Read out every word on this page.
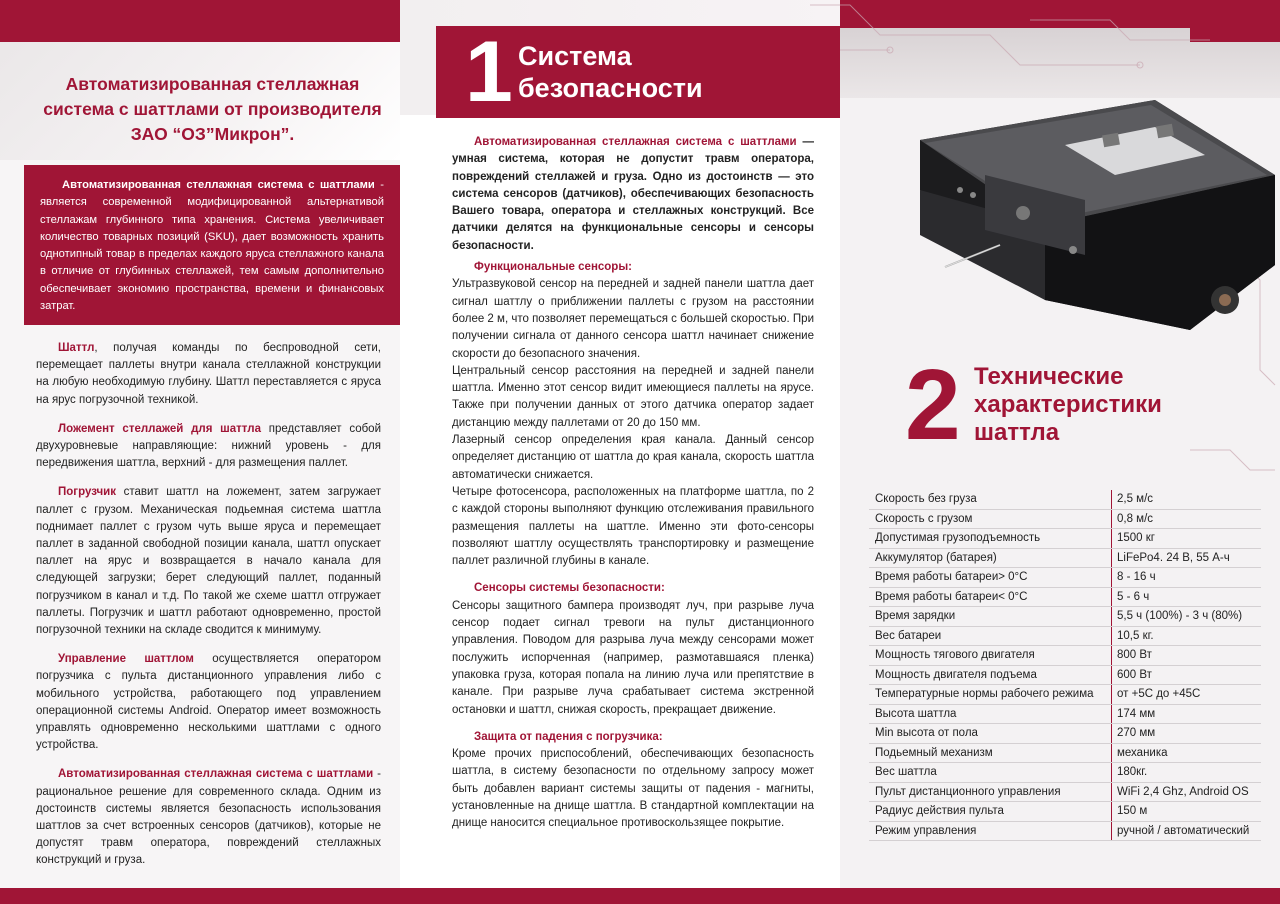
Автоматизированная стеллажная
система с шаттлами от производителя
ЗАО “ОЗ”Микрон”.
Автоматизированная стеллажная система с шаттлами - является современной модифицированной альтернативой стеллажам глубинного типа хранения. Система увеличивает количество товарных позиций (SKU), дает возможность хранить однотипный товар в пределах каждого яруса стеллажного канала в отличие от глубинных стеллажей, тем самым дополнительно обеспечивает экономию пространства, времени и финансовых затрат.

Шаттл, получая команды по беспроводной сети, перемещает паллеты внутри канала стеллажной конструкции на любую необходимую глубину. Шаттл переставляется с яруса на ярус погрузочной техникой.

Ложемент стеллажей для шаттла представляет собой двухуровневые направляющие: нижний уровень - для передвижения шаттла, верхний - для размещения паллет.

Погрузчик ставит шаттл на ложемент, затем загружает паллет с грузом. Механическая подьемная система шаттла поднимает паллет с грузом чуть выше яруса и перемещает паллет в заданной свободной позиции канала, шаттл опускает паллет на ярус и возвращается в начало канала для следующей загрузки; берет следующий паллет, поданный погрузчиком в канал и т.д. По такой же схеме шаттл отгружает паллеты. Погрузчик и шаттл работают одновременно, простой погрузочной техники на складе сводится к минимуму.

Управление шаттлом осуществляется оператором погрузчика с пульта дистанционного управления либо с мобильного устройства, работающего под управлением операционной системы Android. Оператор имеет возможность управлять одновременно несколькими шаттлами с одного устройства.

Автоматизированная стеллажная система с шаттлами - рациональное решение для современного склада. Одним из достоинств системы является безопасность использования шаттлов за счет встроенных сенсоров (датчиков), которые не допустят травм оператора, повреждений стеллажных конструкций и груза.

1 Система
безопасности

Автоматизированная стеллажная система с шаттлами — умная система, которая не допустит травм оператора, повреждений стеллажей и груза. Одно из достоинств — это система сенсоров (датчиков), обеспечивающих безопасность Вашего товара, оператора и стеллажных конструкций. Все датчики делятся на функциональные сенсоры и сенсоры безопасности.

Функциональные сенсоры:

Ультразвуковой сенсор на передней и задней панели шаттла дает сигнал шаттлу о приближении паллеты с грузом на расстоянии более 2 м, что позволяет перемещаться с большей скоростью. При получении сигнала от данного сенсора шаттл начинает снижение скорости до безопасного значения.

Центральный сенсор расстояния на передней и задней панели шаттла. Именно этот сенсор видит имеющиеся паллеты на ярусе. Также при получении данных от этого датчика оператор задает дистанцию между паллетами от 20 до 150 мм.

Лазерный сенсор определения края канала. Данный сенсор определяет дистанцию от шаттла до края канала, скорость шаттла автоматически снижается.

Четыре фотосенсора, расположенных на платформе шаттла, по 2 с каждой стороны выполняют функцию отслеживания правильного размещения паллеты на шаттле. Именно эти фото-сенсоры позволяют шаттлу осуществлять транспортировку и размещение паллет различной глубины в канале.

Сенсоры системы безопасности:

Сенсоры защитного бампера производят луч, при разрыве луча сенсор подает сигнал тревоги на пульт дистанционного управления. Поводом для разрыва луча между сенсорами может послужить испорченная (например, размотавшаяся пленка) упаковка груза, которая попала на линию луча или препятствие в канале. При разрыве луча срабатывает система экстренной остановки и шаттл, снижая скорость, прекращает движение.

Защита от падения с погрузчика:

Кроме прочих приспособлений, обеспечивающих безопасность шаттла, в систему безопасности по отдельному запросу может быть добавлен вариант системы защиты от падения - магниты, установленные на днище шаттла. В стандартной комплектации на днище наносится специальное противоскользящее покрытие.

2 Технические
характеристики
шаттла
Скорость без груза	2,5 м/с
Скорость с грузом	0,8 м/с
Допустимая грузоподъемность	1500 кг
Аккумулятор (батарея)	LiFePo4. 24 В, 55 А-ч
Время работы батареи> 0°С	8 - 16 ч
Время работы батареи< 0°С	5 - 6 ч
Время зарядки	5,5 ч (100%) - 3 ч (80%)
Вес батареи	10,5 кг.
Мощность тягового двигателя	800 Вт
Мощность двигателя подъема	600 Вт
Температурные нормы рабочего режима	от +5С до +45С
Высота шаттла	174 мм
Min высота от пола	270 мм
Подьемный механизм	механика
Вес шаттла	180кг.
Пульт дистанционного управления	WiFi 2,4 Ghz, Android OS
Радиус действия пульта	150 м
Режим управления	ручной / автоматический
